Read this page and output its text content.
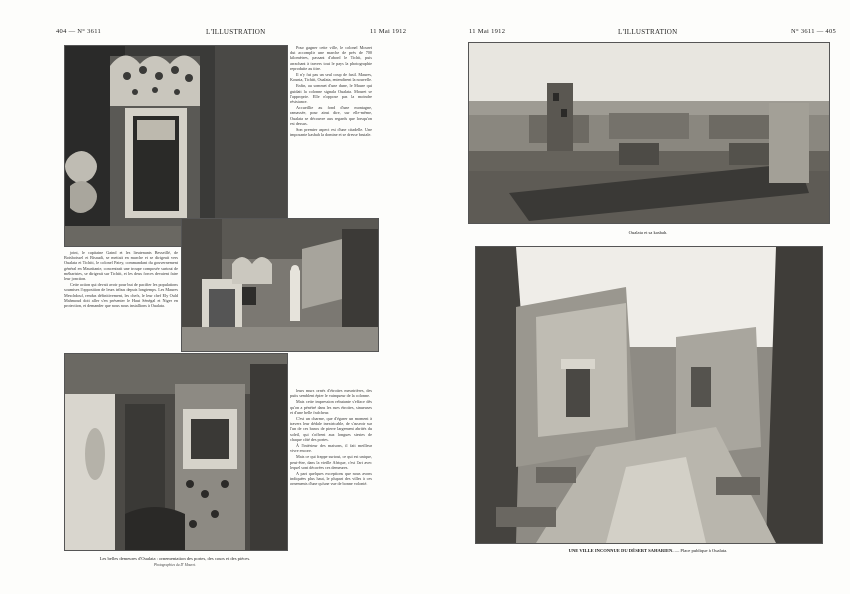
404 — N° 3611	L'ILLUSTRATION	11 Mai 1912

Pour gagner cette ville, le colonel Mouret dut accomplir une marche de près de 700 kilomètres, passant d'abord le Tichit, puis arrachant à travers tout le pays la photographie reproduite au titre.

Il n'y fut pas un seul coup de fusil. Maures, Kounta, Tichitt, Oualata, entendirent la nouvelle.

Enfin, au sommet d'une dune, le Maure qui guidait la colonne signala Oualata. Mouret se l'approprie. Elle n'oppose pas la moindre résistance.

Accueillie au fond d'une montagne, ramassée, pour ainsi dire, sur elle-même, Oualata se découvre aux regards que lorsqu'on est dessus.

Son premier aspect est d'une citadelle. Une imposante kasbah la domine et se dresse brutale.

joint, le capitaine Gaind et les lieutenants Besseillé, de Boisboissel et Bisaudi, se mettait en marche et se dirigeait vers Oualata et Tichitt, le colonel Patey, commandant du gouvernement général en Mauritanie, concentrait une troupe composée surtout de méharistes, se dirigeait sur Tichitt, et les deux forces devaient faire leur jonction.

Cette action qui devait avoir pour but de pacifier les populations soumises l'opposition de leurs tribus depuis longtemps. Les Maures Meschdouf, rendus définitivement, les chefs, le leur chef Ely Ould Mahmoud doit aller s'en présenter le Haut Sénégal et Niger en protection, et demander que nous nous installions à Oualata.

leurs murs ornés d'étroites meurtrières, des puits semblent épier le vainqueur de la colonne.

Mais cette impression rebutante s'efface dès qu'on a pénétré dans les rues étroites, sinueuses et d'une belle fraîcheur.

C'est un charme, que d'égarer un moment à travers leur dédale inextricable, de s'asseoir sur l'un de ces bancs de pierre largement abrités du soleil, qui s'offrent aux longues siestes de chaque côté des portes.

À l'intérieur des maisons, il fait meilleur vivre encore.

Mais ce qui frappe surtout, ce qui est unique, peut-être, dans la vieille Afrique, c'est l'art avec lequel sont décorées ces demeures.

A part quelques exceptions que nous avons indiquées plus haut, le plupart des villes à ces ornements d'une qu'une vue de bonne volonté.

Les belles demeures d'Oualata : ornementation des portes, des cours et des pièces.
Photographies du D' Mouret.
11 Mai 1912	L'ILLUSTRATION	N° 3611 — 405
Oualata et sa kasbah.
UNE VILLE INCONNUE DU DÉSERT SAHARIEN. — Place publique à Oualata.
